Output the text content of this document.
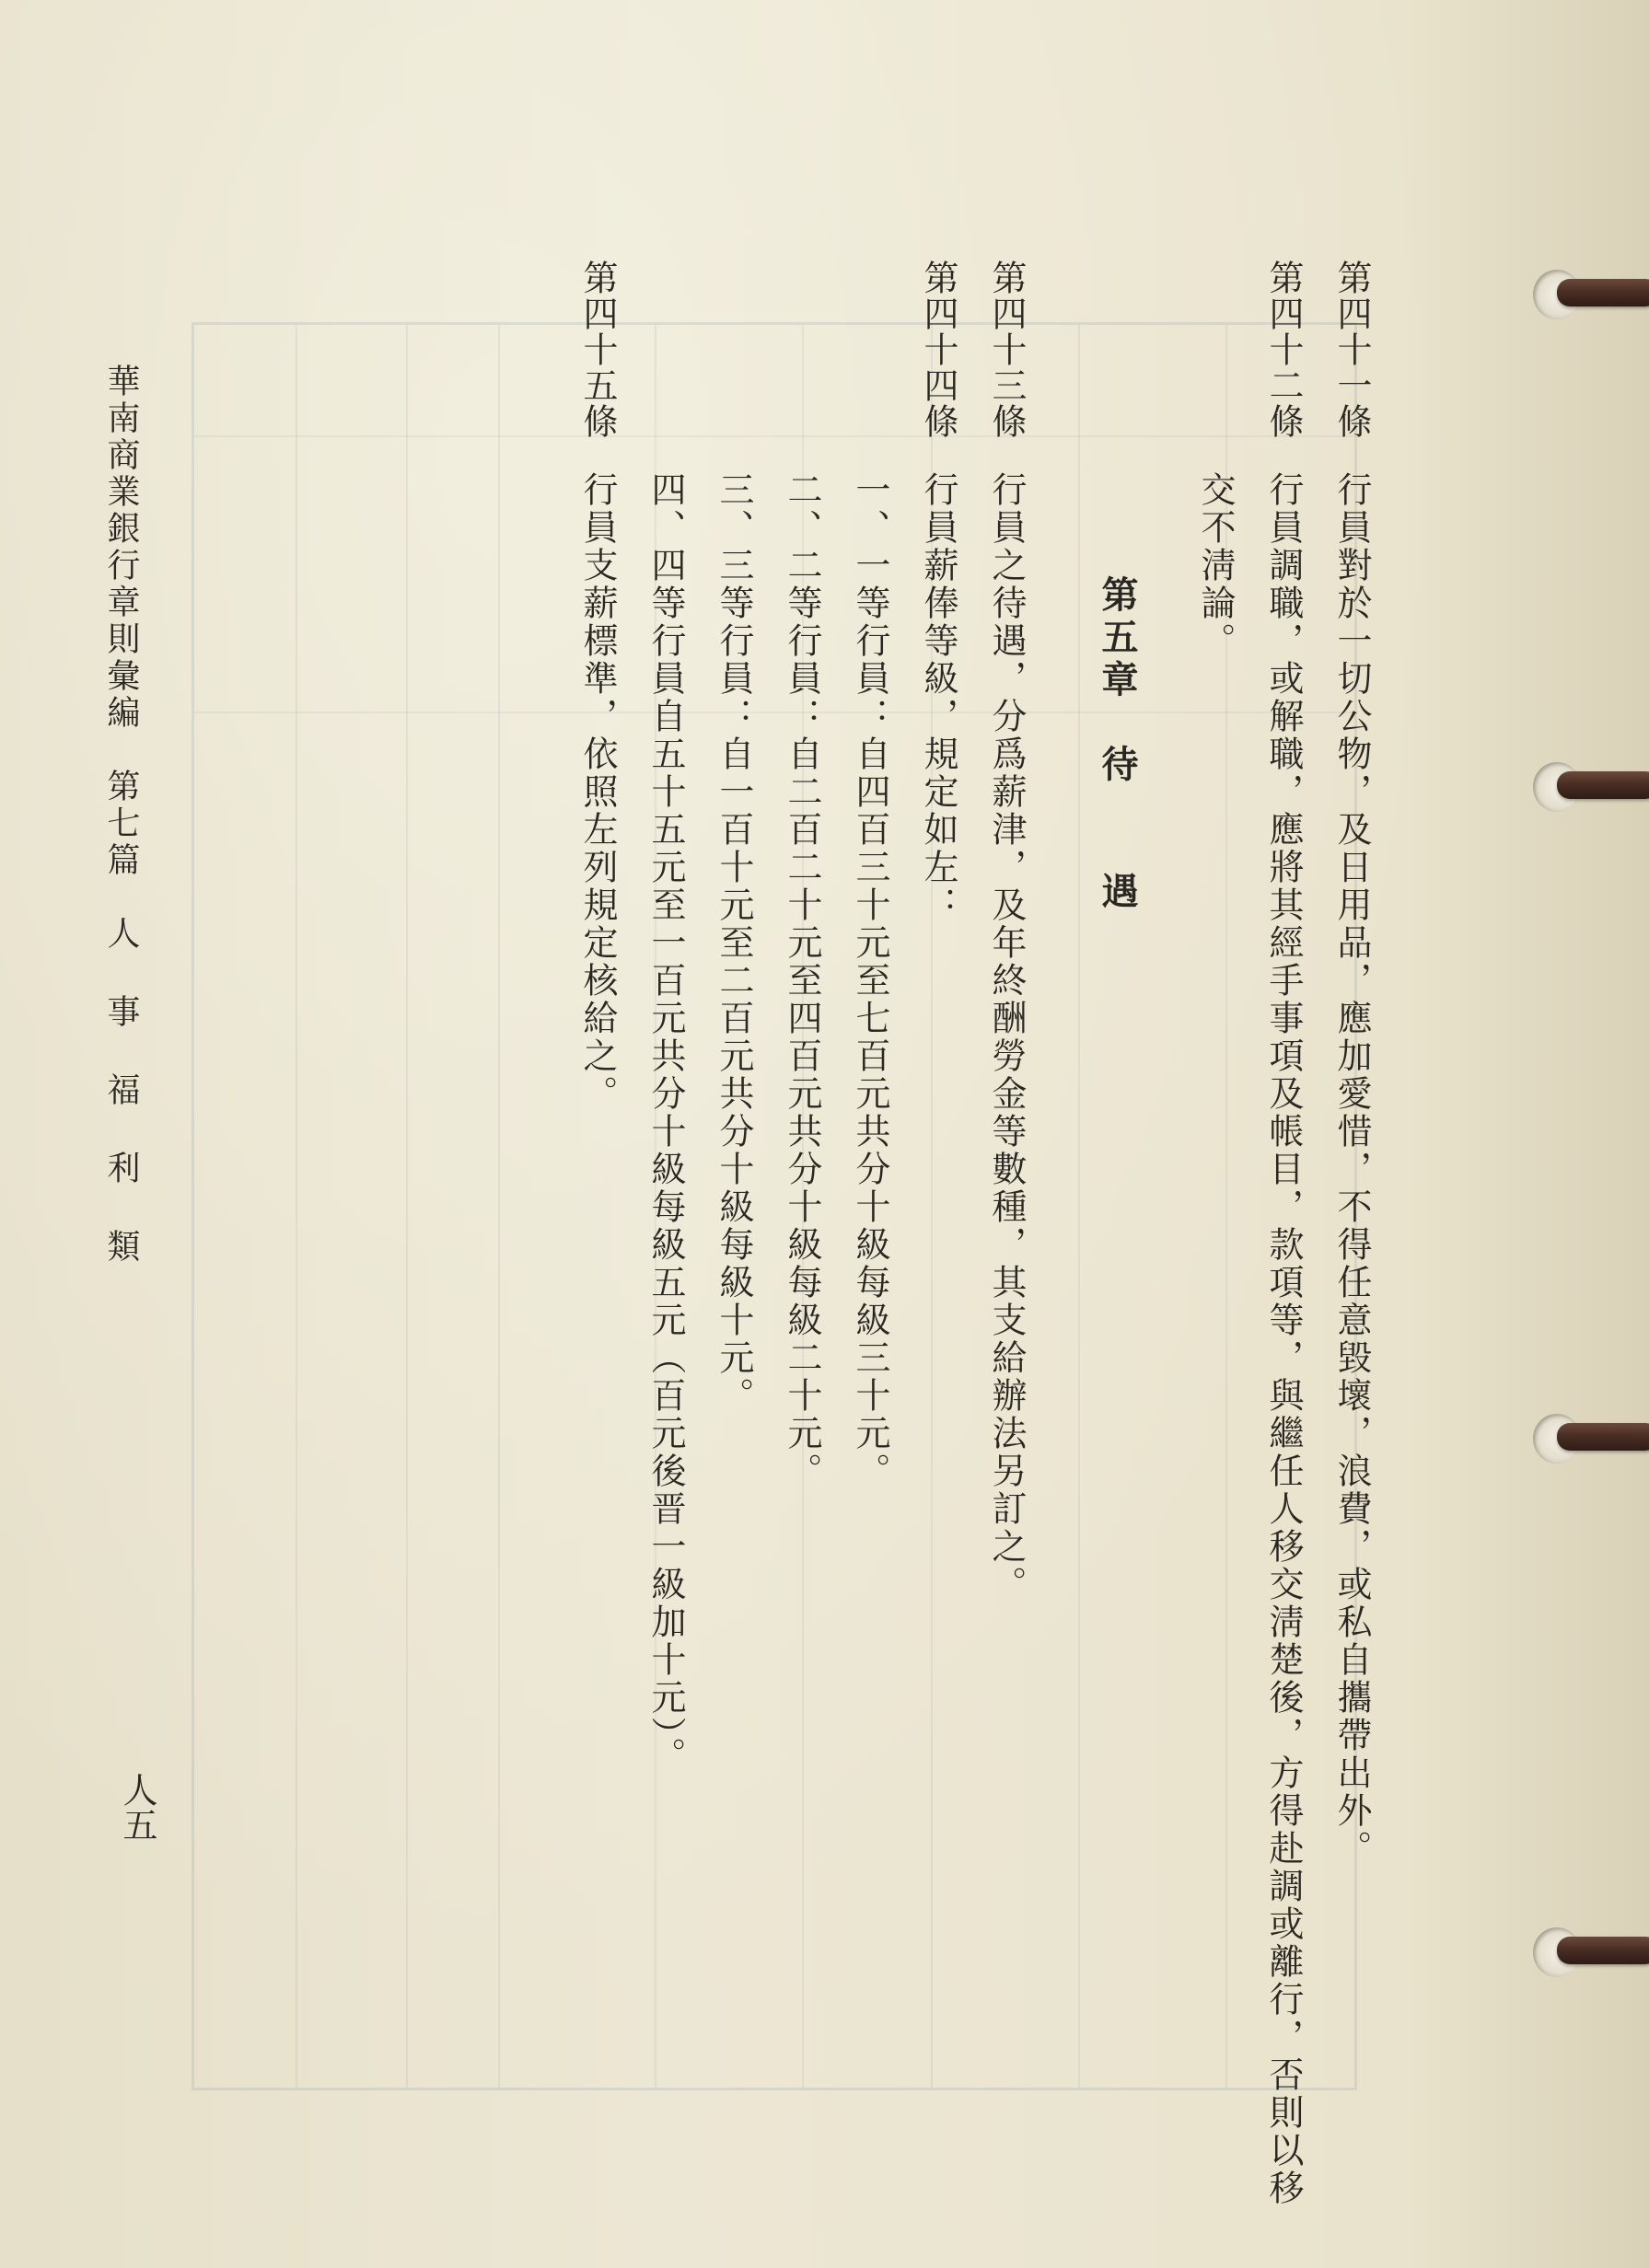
第四十一條
行員對於一切公物，及日用品，應加愛惜，不得任意毀壞，浪費，或私自攜帶出外。
第四十二條
行員調職，或解職，應將其經手事項及帳目，款項等，與繼任人移交淸楚後，方得赴調或離行，否則以移
交不淸論。
第五章　待　　遇
第四十三條
行員之待遇，分爲薪津，及年終酬勞金等數種，其支給辦法另訂之。
第四十四條
行員薪俸等級，規定如左：
一、一等行員：自四百三十元至七百元共分十級每級三十元。
二、二等行員：自二百二十元至四百元共分十級每級二十元。
三、三等行員：自一百十元至二百元共分十級每級十元。
四、四等行員自五十五元至一百元共分十級每級五元（百元後晋一級加十元）。
第四十五條
行員支薪標準，依照左列規定核給之。
華南商業銀行章則彙編　第七篇　人 事 福 利 類
人五
